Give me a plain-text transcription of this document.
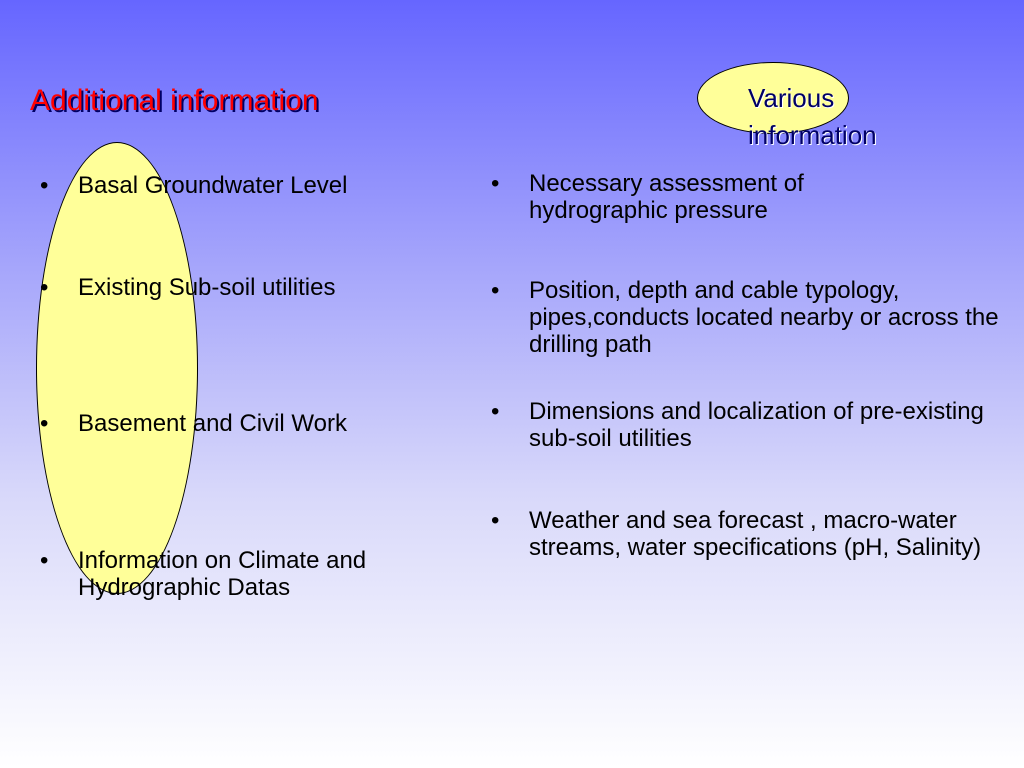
Additional information	Various
information
• Basal Groundwater Level
• Existing Sub-soil utilities
• Basement and Civil Work
• Information on Climate and Hydrographic Datas
• Necessary assessment of hydrographic pressure
• Position, depth and cable typology, pipes,conducts located nearby or across the drilling path
• Dimensions and localization of pre-existing sub-soil utilities
• Weather and sea forecast , macro-water streams, water specifications (pH, Salinity)
